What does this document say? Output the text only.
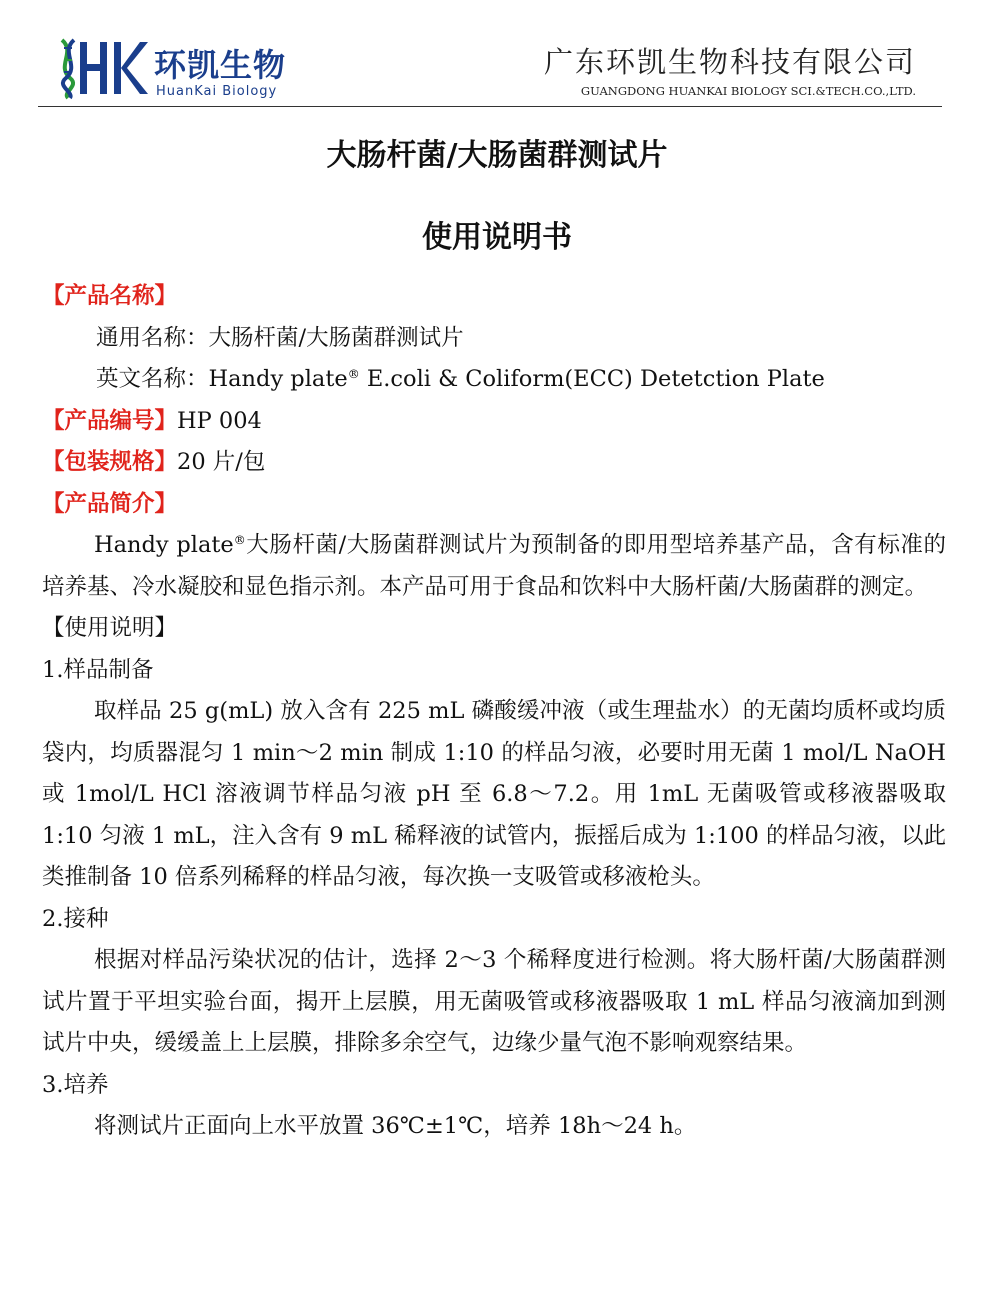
环凯生物
HuanKai Biology
广东环凯生物科技有限公司
GUANGDONG HUANKAI BIOLOGY SCI.&TECH.CO.,LTD.
大肠杆菌/大肠菌群测试片
使用说明书
【产品名称】
通用名称：大肠杆菌/大肠菌群测试片
英文名称：Handy plate® E.coli & Coliform(ECC) Detetction Plate
【产品编号】HP 004
【包装规格】20 片/包
【产品简介】
Handy plate®大肠杆菌/大肠菌群测试片为预制备的即用型培养基产品，含有标准的培养基、冷水凝胶和显色指示剂。本产品可用于食品和饮料中大肠杆菌/大肠菌群的测定。
【使用说明】
1.样品制备
取样品 25 g(mL) 放入含有 225 mL 磷酸缓冲液（或生理盐水）的无菌均质杯或均质袋内，均质器混匀 1 min～2 min 制成 1:10 的样品匀液，必要时用无菌 1 mol/L NaOH 或 1mol/L HCl 溶液调节样品匀液 pH 至 6.8～7.2。用 1mL 无菌吸管或移液器吸取 1:10 匀液 1 mL，注入含有 9 mL 稀释液的试管内，振摇后成为 1:100 的样品匀液，以此类推制备 10 倍系列稀释的样品匀液，每次换一支吸管或移液枪头。
2.接种
根据对样品污染状况的估计，选择 2～3 个稀释度进行检测。将大肠杆菌/大肠菌群测试片置于平坦实验台面，揭开上层膜，用无菌吸管或移液器吸取 1 mL 样品匀液滴加到测试片中央，缓缓盖上上层膜，排除多余空气，边缘少量气泡不影响观察结果。
3.培养
将测试片正面向上水平放置 36℃±1℃，培养 18h～24 h。
